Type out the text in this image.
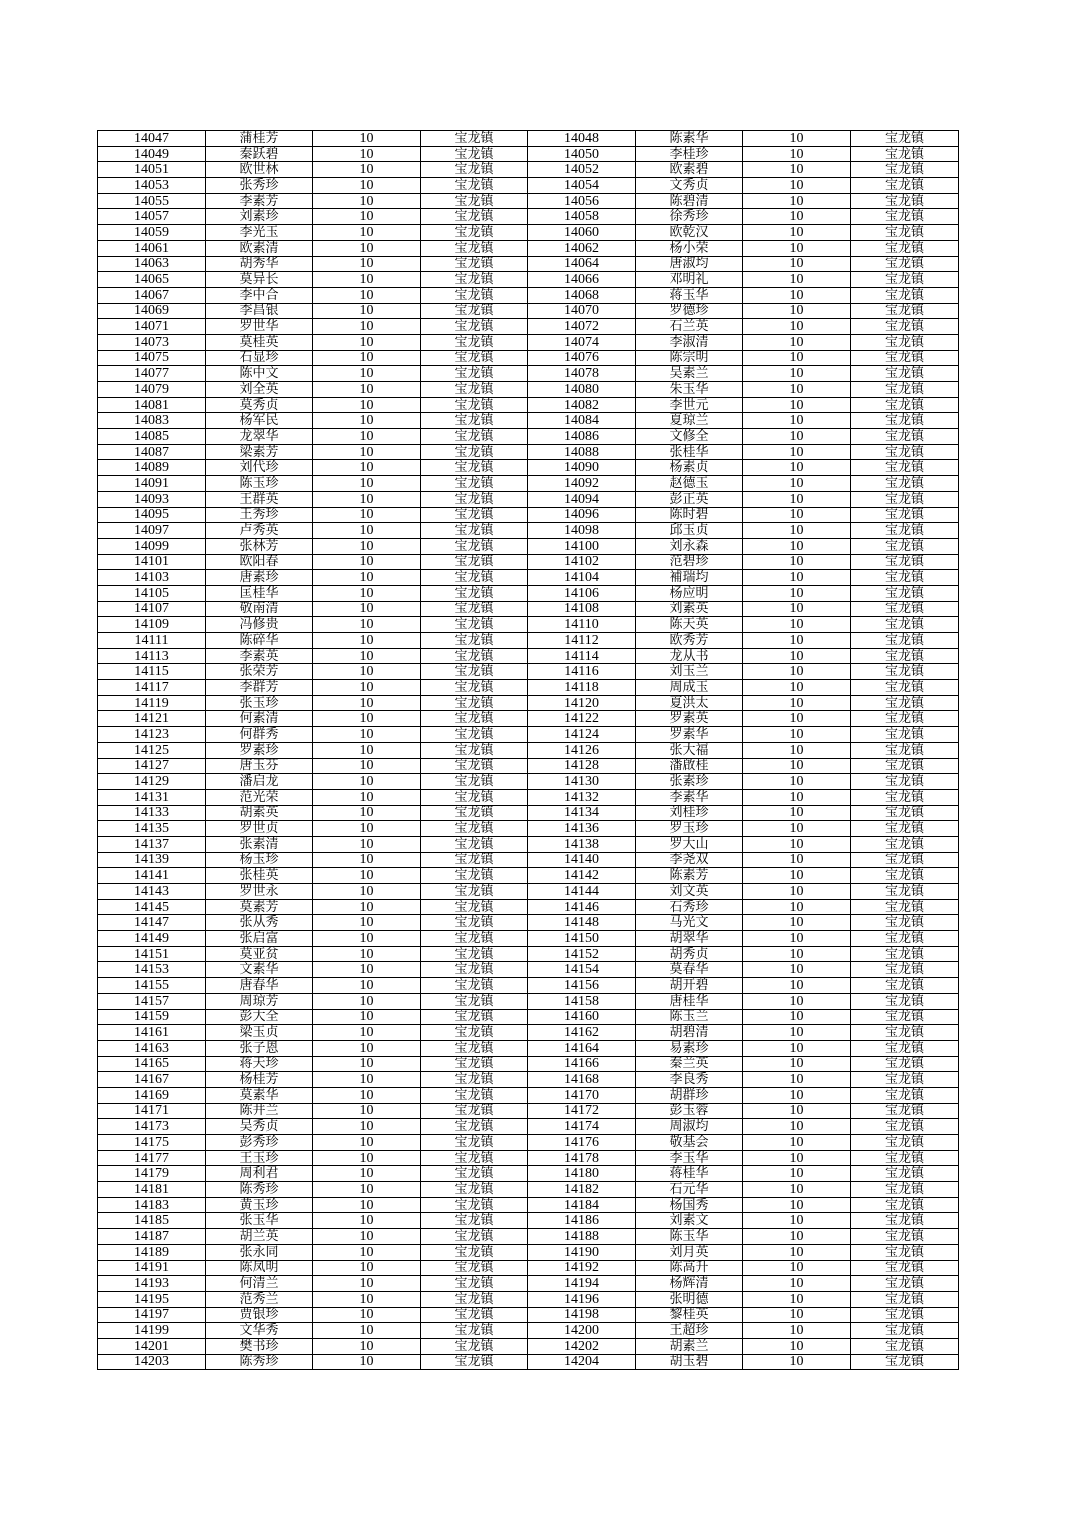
14047	蒲桂芳	10	宝龙镇	14048	陈素华	10	宝龙镇
14049	秦跃碧	10	宝龙镇	14050	李桂珍	10	宝龙镇
14051	欧世林	10	宝龙镇	14052	欧素碧	10	宝龙镇
14053	张秀珍	10	宝龙镇	14054	文秀贞	10	宝龙镇
14055	李素芳	10	宝龙镇	14056	陈碧清	10	宝龙镇
14057	刘素珍	10	宝龙镇	14058	徐秀珍	10	宝龙镇
14059	李光玉	10	宝龙镇	14060	欧乾汉	10	宝龙镇
14061	欧素清	10	宝龙镇	14062	杨小荣	10	宝龙镇
14063	胡秀华	10	宝龙镇	14064	唐淑均	10	宝龙镇
14065	莫异长	10	宝龙镇	14066	邓明礼	10	宝龙镇
14067	李中合	10	宝龙镇	14068	蒋玉华	10	宝龙镇
14069	李昌银	10	宝龙镇	14070	罗德珍	10	宝龙镇
14071	罗世华	10	宝龙镇	14072	石兰英	10	宝龙镇
14073	莫桂英	10	宝龙镇	14074	李淑清	10	宝龙镇
14075	石显珍	10	宝龙镇	14076	陈宗明	10	宝龙镇
14077	陈中文	10	宝龙镇	14078	吴素兰	10	宝龙镇
14079	刘全英	10	宝龙镇	14080	朱玉华	10	宝龙镇
14081	莫秀贞	10	宝龙镇	14082	李世元	10	宝龙镇
14083	杨军民	10	宝龙镇	14084	夏琼兰	10	宝龙镇
14085	龙翠华	10	宝龙镇	14086	文修全	10	宝龙镇
14087	梁素芳	10	宝龙镇	14088	张桂华	10	宝龙镇
14089	刘代珍	10	宝龙镇	14090	杨素贞	10	宝龙镇
14091	陈玉珍	10	宝龙镇	14092	赵德玉	10	宝龙镇
14093	王群英	10	宝龙镇	14094	彭正英	10	宝龙镇
14095	王秀珍	10	宝龙镇	14096	陈时碧	10	宝龙镇
14097	卢秀英	10	宝龙镇	14098	邱玉贞	10	宝龙镇
14099	张林芳	10	宝龙镇	14100	刘永森	10	宝龙镇
14101	欧阳春	10	宝龙镇	14102	范碧珍	10	宝龙镇
14103	唐素珍	10	宝龙镇	14104	補瑞均	10	宝龙镇
14105	匡桂华	10	宝龙镇	14106	杨应明	10	宝龙镇
14107	敬南清	10	宝龙镇	14108	刘素英	10	宝龙镇
14109	冯修贵	10	宝龙镇	14110	陈天英	10	宝龙镇
14111	陈碎华	10	宝龙镇	14112	欧秀芳	10	宝龙镇
14113	李素英	10	宝龙镇	14114	龙从书	10	宝龙镇
14115	张荣芳	10	宝龙镇	14116	刘玉兰	10	宝龙镇
14117	李群芳	10	宝龙镇	14118	周成玉	10	宝龙镇
14119	张玉珍	10	宝龙镇	14120	夏洪太	10	宝龙镇
14121	何素清	10	宝龙镇	14122	罗素英	10	宝龙镇
14123	何群秀	10	宝龙镇	14124	罗素华	10	宝龙镇
14125	罗素珍	10	宝龙镇	14126	张大福	10	宝龙镇
14127	唐玉芬	10	宝龙镇	14128	潘啟桂	10	宝龙镇
14129	潘启龙	10	宝龙镇	14130	张素珍	10	宝龙镇
14131	范光荣	10	宝龙镇	14132	李素华	10	宝龙镇
14133	胡素英	10	宝龙镇	14134	刘桂珍	10	宝龙镇
14135	罗世贞	10	宝龙镇	14136	罗玉珍	10	宝龙镇
14137	张素清	10	宝龙镇	14138	罗大山	10	宝龙镇
14139	杨玉珍	10	宝龙镇	14140	李尧双	10	宝龙镇
14141	张桂英	10	宝龙镇	14142	陈素芳	10	宝龙镇
14143	罗世永	10	宝龙镇	14144	刘文英	10	宝龙镇
14145	莫素芳	10	宝龙镇	14146	石秀珍	10	宝龙镇
14147	张从秀	10	宝龙镇	14148	马光文	10	宝龙镇
14149	张启富	10	宝龙镇	14150	胡翠华	10	宝龙镇
14151	莫亚贫	10	宝龙镇	14152	胡秀贞	10	宝龙镇
14153	文素华	10	宝龙镇	14154	莫春华	10	宝龙镇
14155	唐春华	10	宝龙镇	14156	胡开碧	10	宝龙镇
14157	周琼芳	10	宝龙镇	14158	唐桂华	10	宝龙镇
14159	彭大全	10	宝龙镇	14160	陈玉兰	10	宝龙镇
14161	梁玉贞	10	宝龙镇	14162	胡碧清	10	宝龙镇
14163	张子恩	10	宝龙镇	14164	易素珍	10	宝龙镇
14165	蒋天珍	10	宝龙镇	14166	秦兰英	10	宝龙镇
14167	杨桂芳	10	宝龙镇	14168	李良秀	10	宝龙镇
14169	莫素华	10	宝龙镇	14170	胡群珍	10	宝龙镇
14171	陈井兰	10	宝龙镇	14172	彭玉蓉	10	宝龙镇
14173	吴秀贞	10	宝龙镇	14174	周淑均	10	宝龙镇
14175	彭秀珍	10	宝龙镇	14176	敬基会	10	宝龙镇
14177	王玉珍	10	宝龙镇	14178	李玉华	10	宝龙镇
14179	周利君	10	宝龙镇	14180	蒋桂华	10	宝龙镇
14181	陈秀珍	10	宝龙镇	14182	石元华	10	宝龙镇
14183	黄玉珍	10	宝龙镇	14184	杨国秀	10	宝龙镇
14185	张玉华	10	宝龙镇	14186	刘素文	10	宝龙镇
14187	胡兰英	10	宝龙镇	14188	陈玉华	10	宝龙镇
14189	张永同	10	宝龙镇	14190	刘月英	10	宝龙镇
14191	陈凤明	10	宝龙镇	14192	陈高升	10	宝龙镇
14193	何清兰	10	宝龙镇	14194	杨辉清	10	宝龙镇
14195	范秀兰	10	宝龙镇	14196	张明德	10	宝龙镇
14197	贾银珍	10	宝龙镇	14198	黎桂英	10	宝龙镇
14199	文华秀	10	宝龙镇	14200	王超珍	10	宝龙镇
14201	樊书珍	10	宝龙镇	14202	胡素兰	10	宝龙镇
14203	陈秀珍	10	宝龙镇	14204	胡玉碧	10	宝龙镇
